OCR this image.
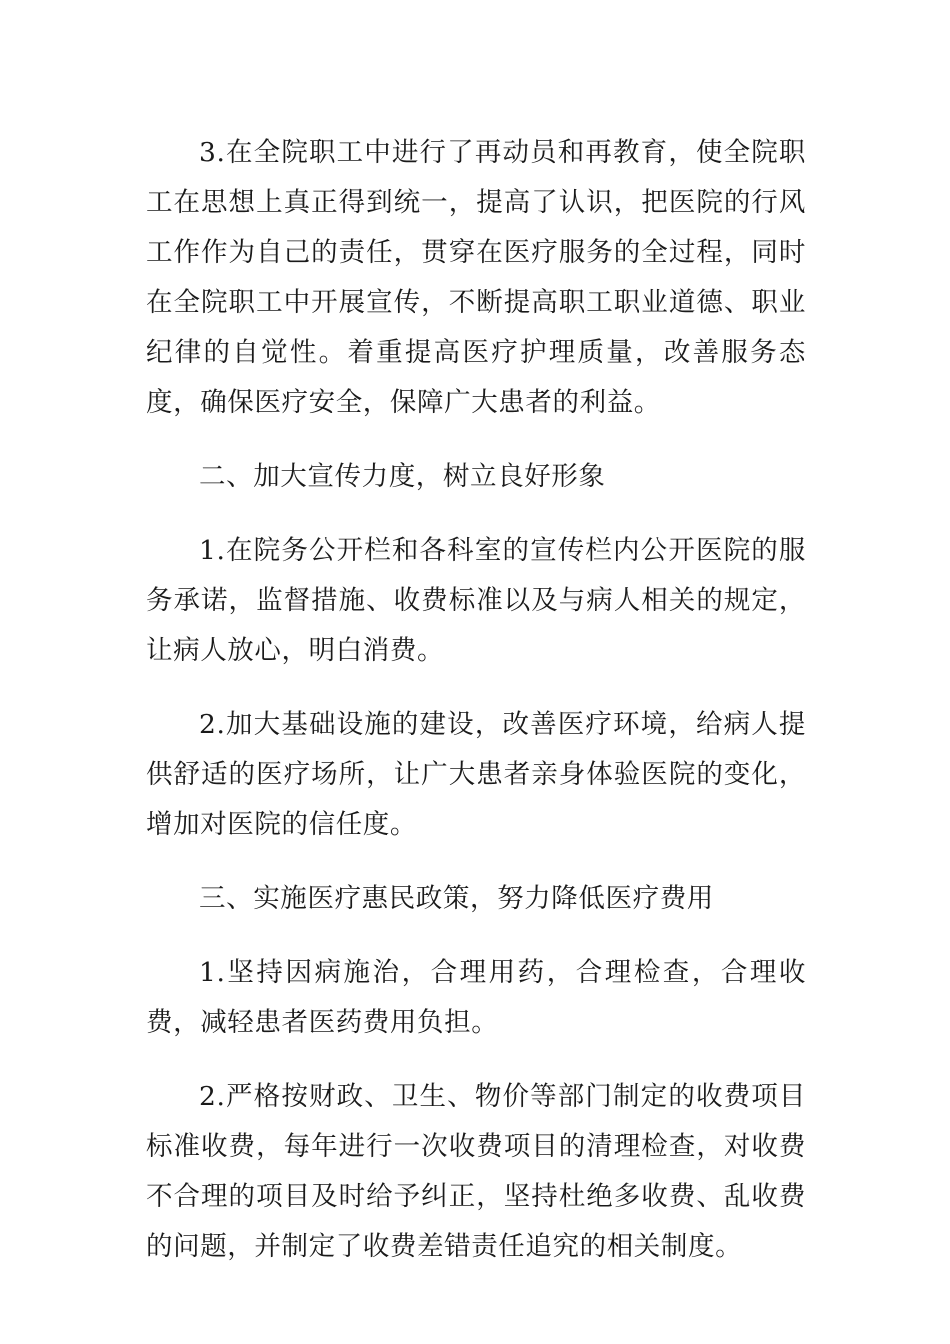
3.在全院职工中进行了再动员和再教育，使全院职工在思想上真正得到统一，提高了认识，把医院的行风工作作为自己的责任，贯穿在医疗服务的全过程，同时在全院职工中开展宣传，不断提高职工职业道德、职业纪律的自觉性。着重提高医疗护理质量，改善服务态度，确保医疗安全，保障广大患者的利益。

二、加大宣传力度，树立良好形象

1.在院务公开栏和各科室的宣传栏内公开医院的服务承诺，监督措施、收费标准以及与病人相关的规定，让病人放心，明白消费。

2.加大基础设施的建设，改善医疗环境，给病人提供舒适的医疗场所，让广大患者亲身体验医院的变化，增加对医院的信任度。

三、实施医疗惠民政策，努力降低医疗费用

1.坚持因病施治，合理用药，合理检查，合理收费，减轻患者医药费用负担。

2.严格按财政、卫生、物价等部门制定的收费项目标准收费，每年进行一次收费项目的清理检查，对收费不合理的项目及时给予纠正，坚持杜绝多收费、乱收费的问题，并制定了收费差错责任追究的相关制度。
